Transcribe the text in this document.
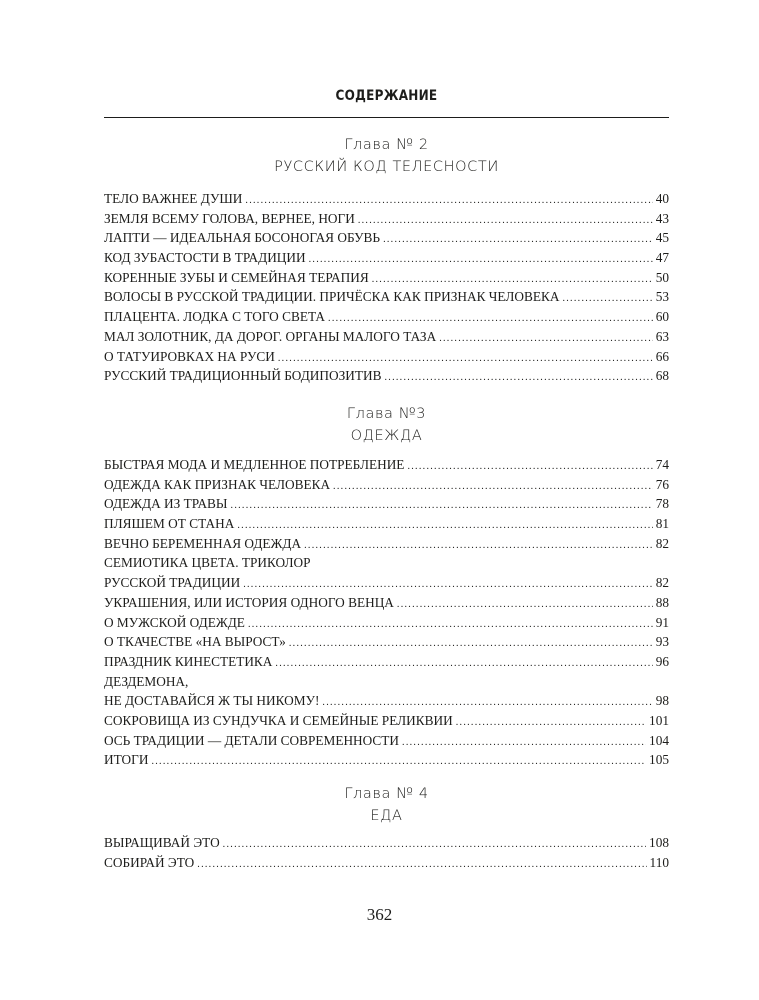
СОДЕРЖАНИЕ
Глава № 2
РУССКИЙ КОД ТЕЛЕСНОСТИ
ТЕЛО ВАЖНЕЕ ДУШИ . . .	40
ЗЕМЛЯ ВСЕМУ ГОЛОВА, ВЕРНЕЕ, НОГИ . . .	43
ЛАПТИ — ИДЕАЛЬНАЯ БОСОНОГАЯ ОБУВЬ . . .	45
КОД ЗУБАСТОСТИ В ТРАДИЦИИ . . .	47
КОРЕННЫЕ ЗУБЫ И СЕМЕЙНАЯ ТЕРАПИЯ . . .	50
ВОЛОСЫ В РУССКОЙ ТРАДИЦИИ. ПРИЧЁСКА КАК ПРИЗНАК ЧЕЛОВЕКА . . .	53
ПЛАЦЕНТА. ЛОДКА С ТОГО СВЕТА . . .	60
МАЛ ЗОЛОТНИК, ДА ДОРОГ. ОРГАНЫ МАЛОГО ТАЗА . . .	63
О ТАТУИРОВКАХ НА РУСИ . . .	66
РУССКИЙ ТРАДИЦИОННЫЙ БОДИПОЗИТИВ . . .	68
Глава №3
ОДЕЖДА
БЫСТРАЯ МОДА И МЕДЛЕННОЕ ПОТРЕБЛЕНИЕ . . .	74
ОДЕЖДА КАК ПРИЗНАК ЧЕЛОВЕКА . . .	76
ОДЕЖДА ИЗ ТРАВЫ . . .	78
ПЛЯШЕМ ОТ СТАНА . . .	81
ВЕЧНО БЕРЕМЕННАЯ ОДЕЖДА . . .	82
СЕМИОТИКА ЦВЕТА. ТРИКОЛОР
РУССКОЙ ТРАДИЦИИ . . .	82
УКРАШЕНИЯ, ИЛИ ИСТОРИЯ ОДНОГО ВЕНЦА . . .	88
О МУЖСКОЙ ОДЕЖДЕ . . .	91
О ТКАЧЕСТВЕ «НА ВЫРОСТ» . . .	93
ПРАЗДНИК КИНЕСТЕТИКА . . .	96
ДЕЗДЕМОНА,
НЕ ДОСТАВАЙСЯ Ж ТЫ НИКОМУ! . . .	98
СОКРОВИЩА ИЗ СУНДУЧКА И СЕМЕЙНЫЕ РЕЛИКВИИ . . .	101
ОСЬ ТРАДИЦИИ — ДЕТАЛИ СОВРЕМЕННОСТИ . . .	104
ИТОГИ . . .	105
Глава № 4
ЕДА
ВЫРАЩИВАЙ ЭТО . . .	108
СОБИРАЙ ЭТО . . .	110
362
